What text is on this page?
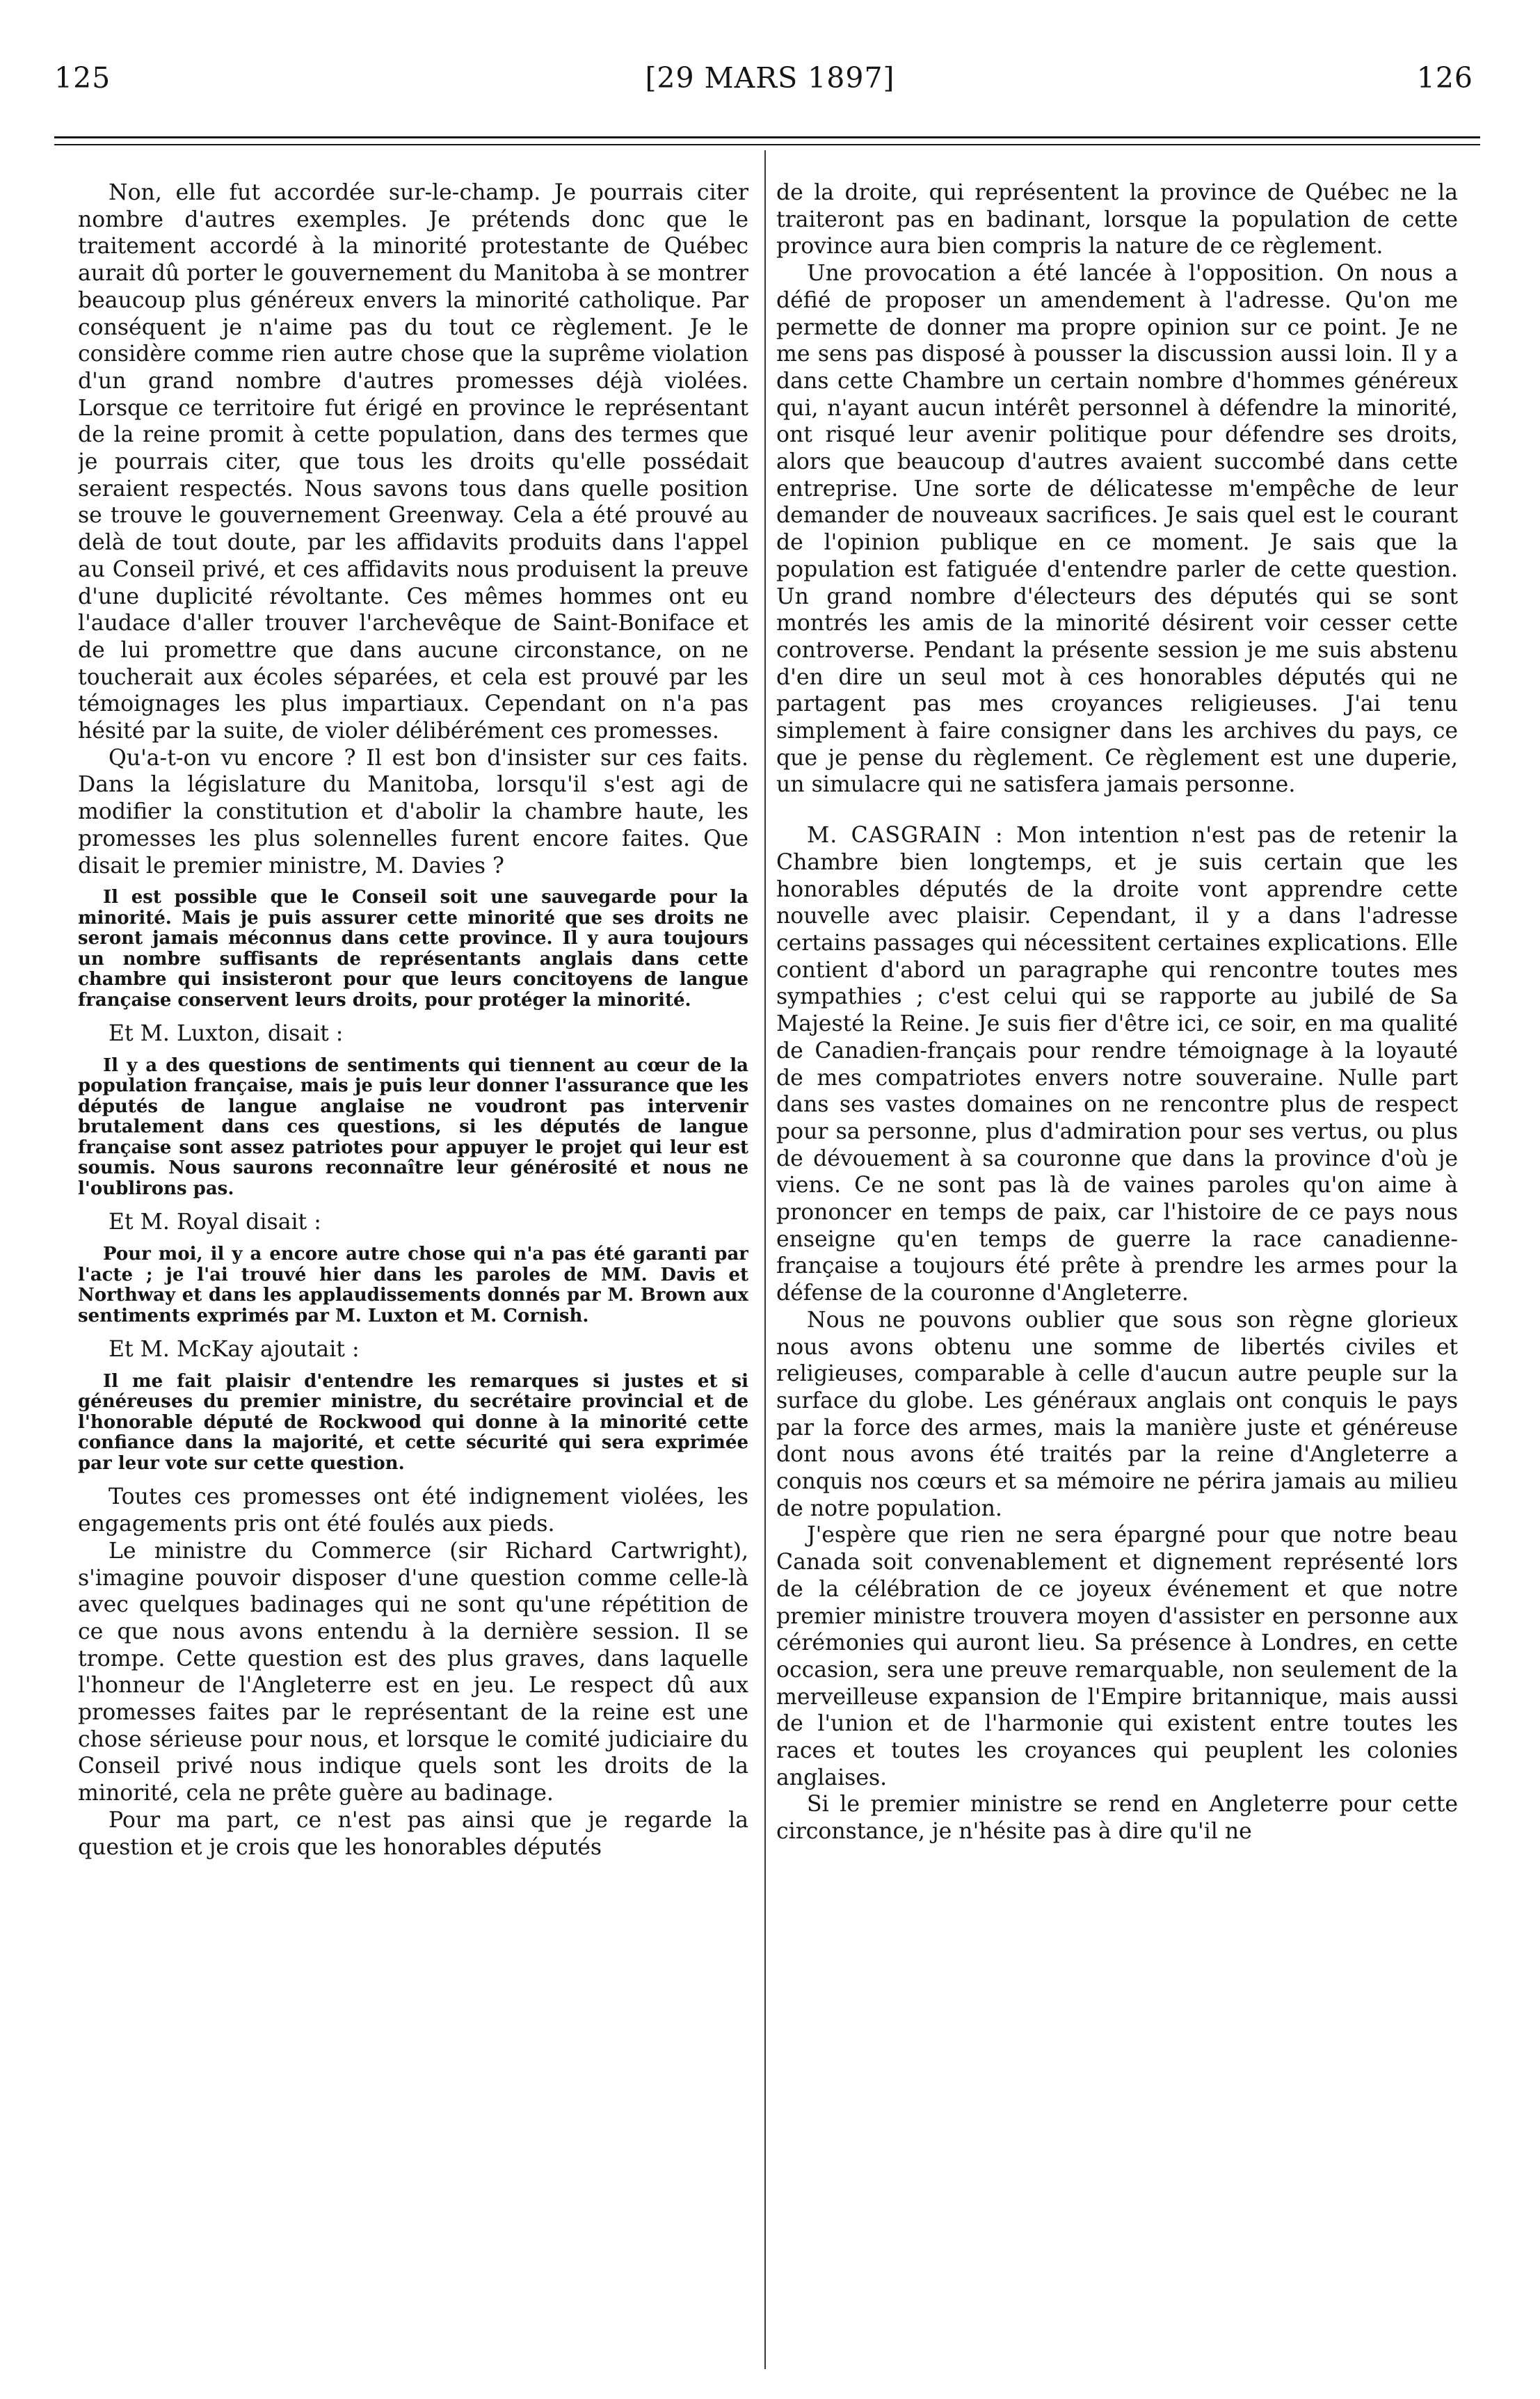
125	[29 MARS 1897]	126

Non, elle fut accordée sur-le-champ. Je pourrais citer nombre d'autres exemples. Je prétends donc que le traitement accordé à la minorité protestante de Québec aurait dû porter le gouvernement du Manitoba à se montrer beaucoup plus généreux envers la minorité catholique. Par conséquent je n'aime pas du tout ce règlement. Je le considère comme rien autre chose que la suprême violation d'un grand nombre d'autres promesses déjà violées. Lorsque ce territoire fut érigé en province le représentant de la reine promit à cette population, dans des termes que je pourrais citer, que tous les droits qu'elle possédait seraient respectés. Nous savons tous dans quelle position se trouve le gouvernement Greenway. Cela a été prouvé au delà de tout doute, par les affidavits produits dans l'appel au Conseil privé, et ces affidavits nous produisent la preuve d'une duplicité révoltante. Ces mêmes hommes ont eu l'audace d'aller trouver l'archevêque de Saint-Boniface et de lui promettre que dans aucune circonstance, on ne toucherait aux écoles séparées, et cela est prouvé par les témoignages les plus impartiaux. Cependant on n'a pas hésité par la suite, de violer délibérément ces promesses.

Qu'a-t-on vu encore ? Il est bon d'insister sur ces faits. Dans la législature du Manitoba, lorsqu'il s'est agi de modifier la constitution et d'abolir la chambre haute, les promesses les plus solennelles furent encore faites. Que disait le premier ministre, M. Davies ?

Il est possible que le Conseil soit une sauvegarde pour la minorité. Mais je puis assurer cette minorité que ses droits ne seront jamais méconnus dans cette province. Il y aura toujours un nombre suffisants de représentants anglais dans cette chambre qui insisteront pour que leurs concitoyens de langue française conservent leurs droits, pour protéger la minorité.

Et M. Luxton, disait :

Il y a des questions de sentiments qui tiennent au cœur de la population française, mais je puis leur donner l'assurance que les députés de langue anglaise ne voudront pas intervenir brutalement dans ces questions, si les députés de langue française sont assez patriotes pour appuyer le projet qui leur est soumis. Nous saurons reconnaître leur générosité et nous ne l'oublirons pas.

Et M. Royal disait :

Pour moi, il y a encore autre chose qui n'a pas été garanti par l'acte ; je l'ai trouvé hier dans les paroles de MM. Davis et Northway et dans les applaudissements donnés par M. Brown aux sentiments exprimés par M. Luxton et M. Cornish.

Et M. McKay ajoutait :

Il me fait plaisir d'entendre les remarques si justes et si généreuses du premier ministre, du secrétaire provincial et de l'honorable député de Rockwood qui donne à la minorité cette confiance dans la majorité, et cette sécurité qui sera exprimée par leur vote sur cette question.

Toutes ces promesses ont été indignement violées, les engagements pris ont été foulés aux pieds.

Le ministre du Commerce (sir Richard Cartwright), s'imagine pouvoir disposer d'une question comme celle-là avec quelques badinages qui ne sont qu'une répétition de ce que nous avons entendu à la dernière session. Il se trompe. Cette question est des plus graves, dans laquelle l'honneur de l'Angleterre est en jeu. Le respect dû aux promesses faites par le représentant de la reine est une chose sérieuse pour nous, et lorsque le comité judiciaire du Conseil privé nous indique quels sont les droits de la minorité, cela ne prête guère au badinage.

Pour ma part, ce n'est pas ainsi que je regarde la question et je crois que les honorables députés

de la droite, qui représentent la province de Québec ne la traiteront pas en badinant, lorsque la population de cette province aura bien compris la nature de ce règlement.

Une provocation a été lancée à l'opposition. On nous a défié de proposer un amendement à l'adresse. Qu'on me permette de donner ma propre opinion sur ce point. Je ne me sens pas disposé à pousser la discussion aussi loin. Il y a dans cette Chambre un certain nombre d'hommes généreux qui, n'ayant aucun intérêt personnel à défendre la minorité, ont risqué leur avenir politique pour défendre ses droits, alors que beaucoup d'autres avaient succombé dans cette entreprise. Une sorte de délicatesse m'empêche de leur demander de nouveaux sacrifices. Je sais quel est le courant de l'opinion publique en ce moment. Je sais que la population est fatiguée d'entendre parler de cette question. Un grand nombre d'électeurs des députés qui se sont montrés les amis de la minorité désirent voir cesser cette controverse. Pendant la présente session je me suis abstenu d'en dire un seul mot à ces honorables députés qui ne partagent pas mes croyances religieuses. J'ai tenu simplement à faire consigner dans les archives du pays, ce que je pense du règlement. Ce règlement est une duperie, un simulacre qui ne satisfera jamais personne.

M. CASGRAIN : Mon intention n'est pas de retenir la Chambre bien longtemps, et je suis certain que les honorables députés de la droite vont apprendre cette nouvelle avec plaisir. Cependant, il y a dans l'adresse certains passages qui nécessitent certaines explications. Elle contient d'abord un paragraphe qui rencontre toutes mes sympathies ; c'est celui qui se rapporte au jubilé de Sa Majesté la Reine. Je suis fier d'être ici, ce soir, en ma qualité de Canadien-français pour rendre témoignage à la loyauté de mes compatriotes envers notre souveraine. Nulle part dans ses vastes domaines on ne rencontre plus de respect pour sa personne, plus d'admiration pour ses vertus, ou plus de dévouement à sa couronne que dans la province d'où je viens. Ce ne sont pas là de vaines paroles qu'on aime à prononcer en temps de paix, car l'histoire de ce pays nous enseigne qu'en temps de guerre la race canadienne-française a toujours été prête à prendre les armes pour la défense de la couronne d'Angleterre.

Nous ne pouvons oublier que sous son règne glorieux nous avons obtenu une somme de libertés civiles et religieuses, comparable à celle d'aucun autre peuple sur la surface du globe. Les généraux anglais ont conquis le pays par la force des armes, mais la manière juste et généreuse dont nous avons été traités par la reine d'Angleterre a conquis nos cœurs et sa mémoire ne périra jamais au milieu de notre population.

J'espère que rien ne sera épargné pour que notre beau Canada soit convenablement et dignement représenté lors de la célébration de ce joyeux événement et que notre premier ministre trouvera moyen d'assister en personne aux cérémonies qui auront lieu. Sa présence à Londres, en cette occasion, sera une preuve remarquable, non seulement de la merveilleuse expansion de l'Empire britannique, mais aussi de l'union et de l'harmonie qui existent entre toutes les races et toutes les croyances qui peuplent les colonies anglaises.

Si le premier ministre se rend en Angleterre pour cette circonstance, je n'hésite pas à dire qu'il ne
